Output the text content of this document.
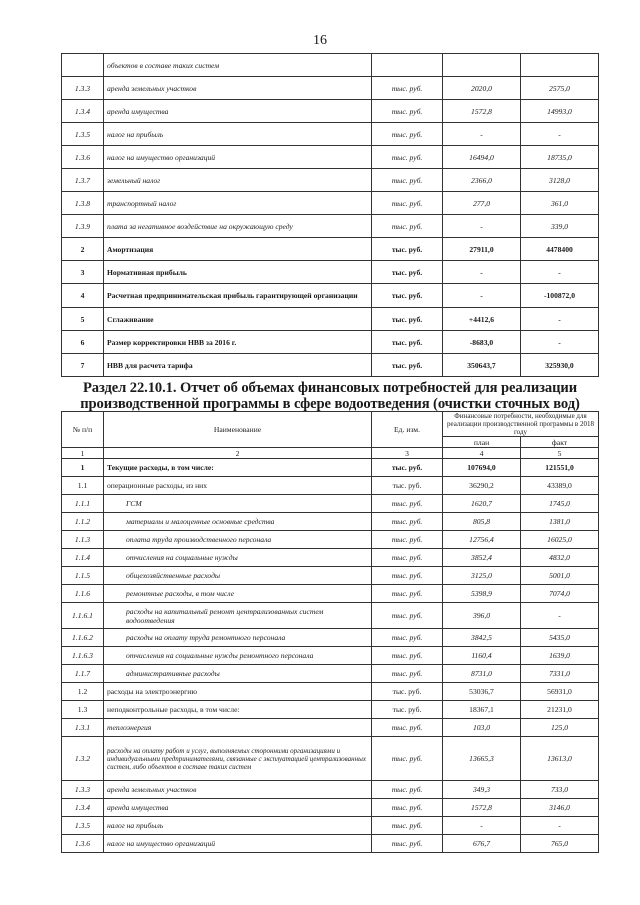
16
	объектов в составе таких систем			
1.3.3	аренда земельных участков	тыс. руб.	2020,0	2575,0
1.3.4	аренда имущества	тыс. руб.	1572,8	14993,0
1.3.5	налог на прибыль	тыс. руб.	-	-
1.3.6	налог на имущество организаций	тыс. руб.	16494,0	18735,0
1.3.7	земельный налог	тыс. руб.	2366,0	3128,0
1.3.8	транспортный налог	тыс. руб.	277,0	361,0
1.3.9	плата за негативное воздействие на окружающую среду	тыс. руб.	-	339,0
2	Амортизация	тыс. руб.	27911,0	4478400
3	Нормативная прибыль	тыс. руб.	-	-
4	Расчетная предпринимательская прибыль гарантирующей организации	тыс. руб.	-	-100872,0
5	Сглаживание	тыс. руб.	+4412,6	-
6	Размер корректировки НВВ за 2016 г.	тыс. руб.	-8683,0	-
7	НВВ для расчета тарифа	тыс. руб.	350643,7	325930,0
Раздел 22.10.1. Отчет об объемах финансовых потребностей для реализации
производственной программы в сфере водоотведения (очистки сточных вод)
№ п/п	Наименование	Ед. изм.	Финансовые потребности, необходимые для реализации производственной программы в 2018 году	
			план	факт
1	2	3	4	5
1	Текущие расходы, в том числе:	тыс. руб.	107694,0	121551,0
1.1	операционные расходы, из них	тыс. руб.	36290,2	43389,0
1.1.1	ГСМ	тыс. руб.	1620,7	1745,0
1.1.2	материалы и малоценные основные средства	тыс. руб.	805,8	1381,0
1.1.3	оплата труда производственного персонала	тыс. руб.	12756,4	16025,0
1.1.4	отчисления на социальные нужды	тыс. руб.	3852,4	4832,0
1.1.5	общехозяйственные расходы	тыс. руб.	3125,0	5001,0
1.1.6	ремонтные расходы, в том числе	тыс. руб.	5398,9	7074,0
1.1.6.1	расходы на капитальный ремонт централизованных систем водоотведения	тыс. руб.	396,0	-
1.1.6.2	расходы на оплату труда ремонтного персонала	тыс. руб.	3842,5	5435,0
1.1.6.3	отчисления на социальные нужды ремонтного персонала	тыс. руб.	1160,4	1639,0
1.1.7	административные расходы	тыс. руб.	8731,0	7331,0
1.2	расходы на электроэнергию	тыс. руб.	53036,7	56931,0
1.3	неподконтрольные расходы, в том числе:	тыс. руб.	18367,1	21231,0
1.3.1	теплоэнергия	тыс. руб.	103,0	125,0
1.3.2	расходы на оплату работ и услуг, выполняемых сторонними организациями и индивидуальными предпринимателями, связанные с эксплуатацией централизованных систем, либо объектов в составе таких систем	тыс. руб.	13665,3	13613,0
1.3.3	аренда земельных участков	тыс. руб.	349,3	733,0
1.3.4	аренда имущества	тыс. руб.	1572,8	3146,0
1.3.5	налог на прибыль	тыс. руб.	-	-
1.3.6	налог на имущество организаций	тыс. руб.	676,7	765,0
